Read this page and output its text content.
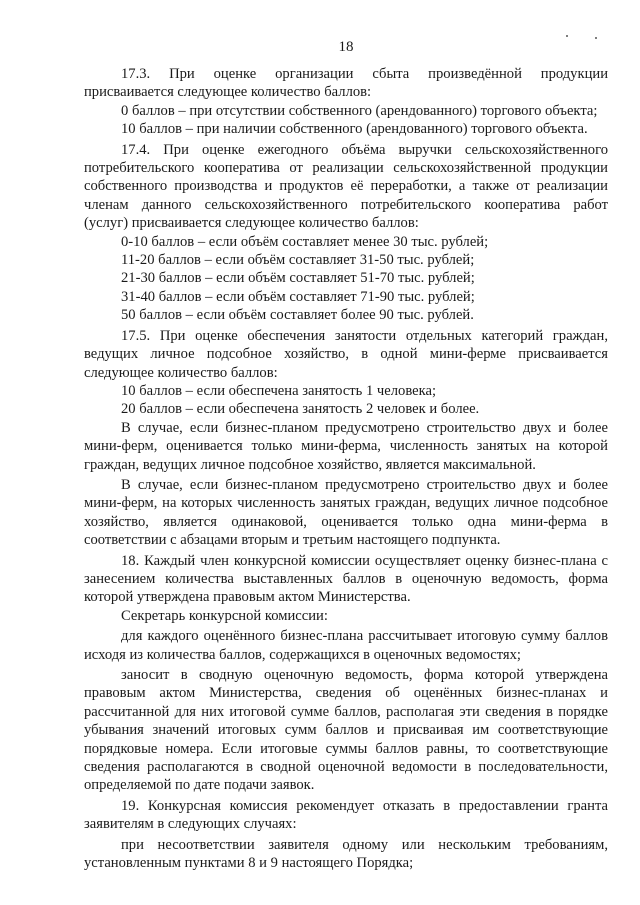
18

17.3. При оценке организации сбыта произведённой продукции присваивается следующее количество баллов:

0 баллов – при отсутствии собственного (арендованного) торгового объекта;

10 баллов – при наличии собственного (арендованного) торгового объекта.

17.4. При оценке ежегодного объёма выручки сельскохозяйственного потребительского кооператива от реализации сельскохозяйственной продукции собственного производства и продуктов её переработки, а также от реализации членам данного сельскохозяйственного потребительского кооператива работ (услуг) присваивается следующее количество баллов:

0-10 баллов – если объём составляет менее 30 тыс. рублей;

11-20 баллов – если объём составляет 31-50 тыс. рублей;

21-30 баллов – если объём составляет 51-70 тыс. рублей;

31-40 баллов – если объём составляет 71-90 тыс. рублей;

50 баллов – если объём составляет более 90 тыс. рублей.

17.5. При оценке обеспечения занятости отдельных категорий граждан, ведущих личное подсобное хозяйство, в одной мини-ферме присваивается следующее количество баллов:

10 баллов – если обеспечена занятость 1 человека;

20 баллов – если обеспечена занятость 2 человек и более.

В случае, если бизнес-планом предусмотрено строительство двух и более мини-ферм, оценивается только мини-ферма, численность занятых на которой граждан, ведущих личное подсобное хозяйство, является максимальной.

В случае, если бизнес-планом предусмотрено строительство двух и более мини-ферм, на которых численность занятых граждан, ведущих личное подсобное хозяйство, является одинаковой, оценивается только одна мини-ферма в соответствии с абзацами вторым и третьим настоящего подпункта.

18. Каждый член конкурсной комиссии осуществляет оценку бизнес-плана с занесением количества выставленных баллов в оценочную ведомость, форма которой утверждена правовым актом Министерства.

Секретарь конкурсной комиссии:

для каждого оценённого бизнес-плана рассчитывает итоговую сумму баллов исходя из количества баллов, содержащихся в оценочных ведомостях;

заносит в сводную оценочную ведомость, форма которой утверждена правовым актом Министерства, сведения об оценённых бизнес-планах и рассчитанной для них итоговой сумме баллов, располагая эти сведения в порядке убывания значений итоговых сумм баллов и присваивая им соответствующие порядковые номера. Если итоговые суммы баллов равны, то соответствующие сведения располагаются в сводной оценочной ведомости в последовательности, определяемой по дате подачи заявок.

19. Конкурсная комиссия рекомендует отказать в предоставлении гранта заявителям в следующих случаях:

при несоответствии заявителя одному или нескольким требованиям, установленным пунктами 8 и 9 настоящего Порядка;
